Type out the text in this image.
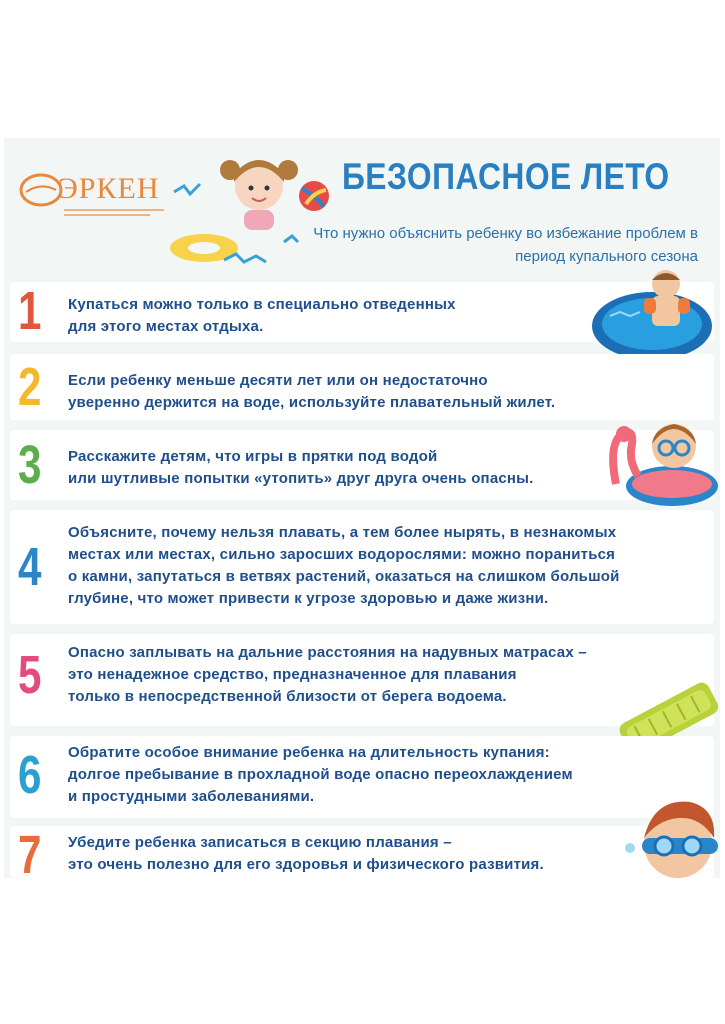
ЭРКЕН	БЕЗОПАСНОЕ ЛЕТО
Что нужно объяснить ребенку во избежание проблем в период купального сезона
1 Купаться можно только в специально отведенных
для этого местах отдыха.
2 Если ребенку меньше десяти лет или он недостаточно
уверенно держится на воде, используйте плавательный жилет.
3 Расскажите детям, что игры в прятки под водой
или шутливые попытки «утопить» друг друга очень опасны.
4
Объясните, почему нельзя плавать, а тем более нырять, в незнакомых
местах или местах, сильно заросших водорослями: можно пораниться
о камни, запутаться в ветвях растений, оказаться на слишком большой
глубине, что может привести к угрозе здоровью и даже жизни.
5 Опасно заплывать на дальние расстояния на надувных матрасах –
это ненадежное средство, предназначенное для плавания
только в непосредственной близости от берега водоема.
6 Обратите особое внимание ребенка на длительность купания:
долгое пребывание в прохладной воде опасно переохлаждением
и простудными заболеваниями.
7 Убедите ребенка записаться в секцию плавания –
это очень полезно для его здоровья и физического развития.
